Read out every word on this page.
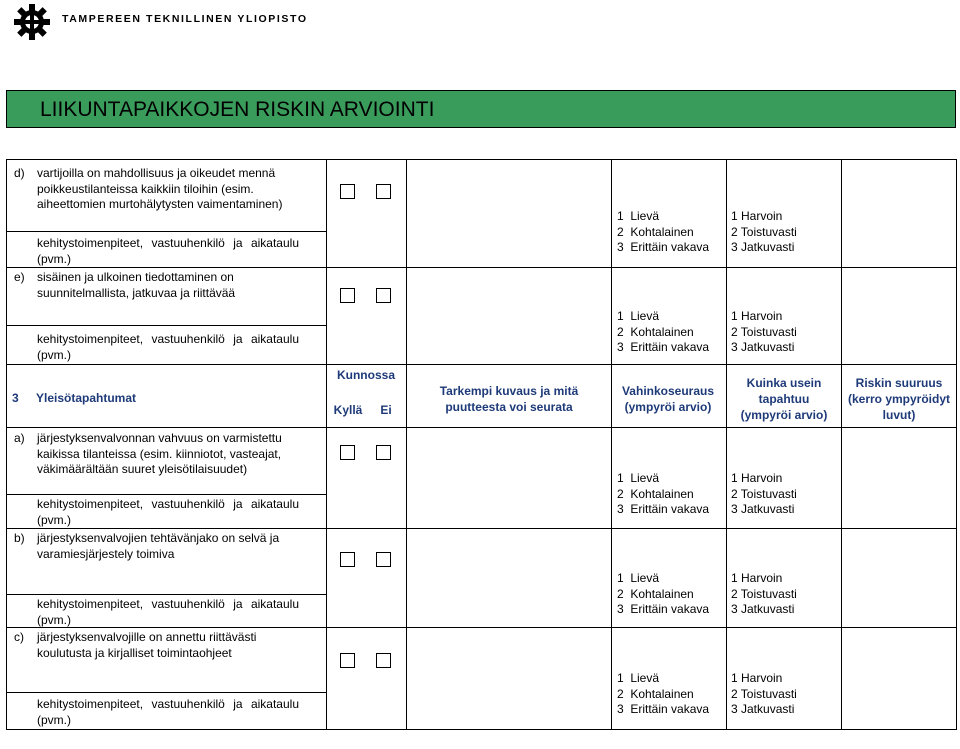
TAMPEREEN TEKNILLINEN YLIOPISTO
LIIKUNTAPAIKKOJEN RISKIN ARVIOINTI
d) vartijoilla on mahdollisuus ja oikeudet mennä
poikkeustilanteissa kaikkiin tiloihin (esim.
aiheettomien murtohälytysten vaimentaminen)

1  Lievä
2  Kohtalainen
3  Erittäin vakava

1 Harvoin
2 Toistuvasti
3 Jatkuvasti

kehitystoimenpiteet, vastuuhenkilö ja aikataulu (pvm.)
e) sisäinen ja ulkoinen tiedottaminen on
suunnitelmallista, jatkuvaa ja riittävää

1  Lievä
2  Kohtalainen
3  Erittäin vakava

1 Harvoin
2 Toistuvasti
3 Jatkuvasti

kehitystoimenpiteet, vastuuhenkilö ja aikataulu (pvm.)
3 Yleisötapahtumat
Kunnossa
Kyllä	Ei
Tarkempi kuvaus ja mitä puutteesta voi seurata
Vahinkoseuraus (ympyröi arvio)
Kuinka usein tapahtuu (ympyröi arvio)
Riskin suuruus (kerro ympyröidyt luvut)
a) järjestyksenvalvonnan vahvuus on varmistettu
kaikissa tilanteissa (esim. kiinniotot, vasteajat,
väkimäärältään suuret yleisötilaisuudet)

1  Lievä
2  Kohtalainen
3  Erittäin vakava

1 Harvoin
2 Toistuvasti
3 Jatkuvasti

kehitystoimenpiteet, vastuuhenkilö ja aikataulu (pvm.)
b) järjestyksenvalvojien tehtävänjako on selvä ja
varamiesjärjestely toimiva

1  Lievä
2  Kohtalainen
3  Erittäin vakava

1 Harvoin
2 Toistuvasti
3 Jatkuvasti

kehitystoimenpiteet, vastuuhenkilö ja aikataulu (pvm.)
c) järjestyksenvalvojille on annettu riittävästi
koulutusta ja kirjalliset toimintaohjeet

1  Lievä
2  Kohtalainen
3  Erittäin vakava

1 Harvoin
2 Toistuvasti
3 Jatkuvasti

kehitystoimenpiteet, vastuuhenkilö ja aikataulu (pvm.)
